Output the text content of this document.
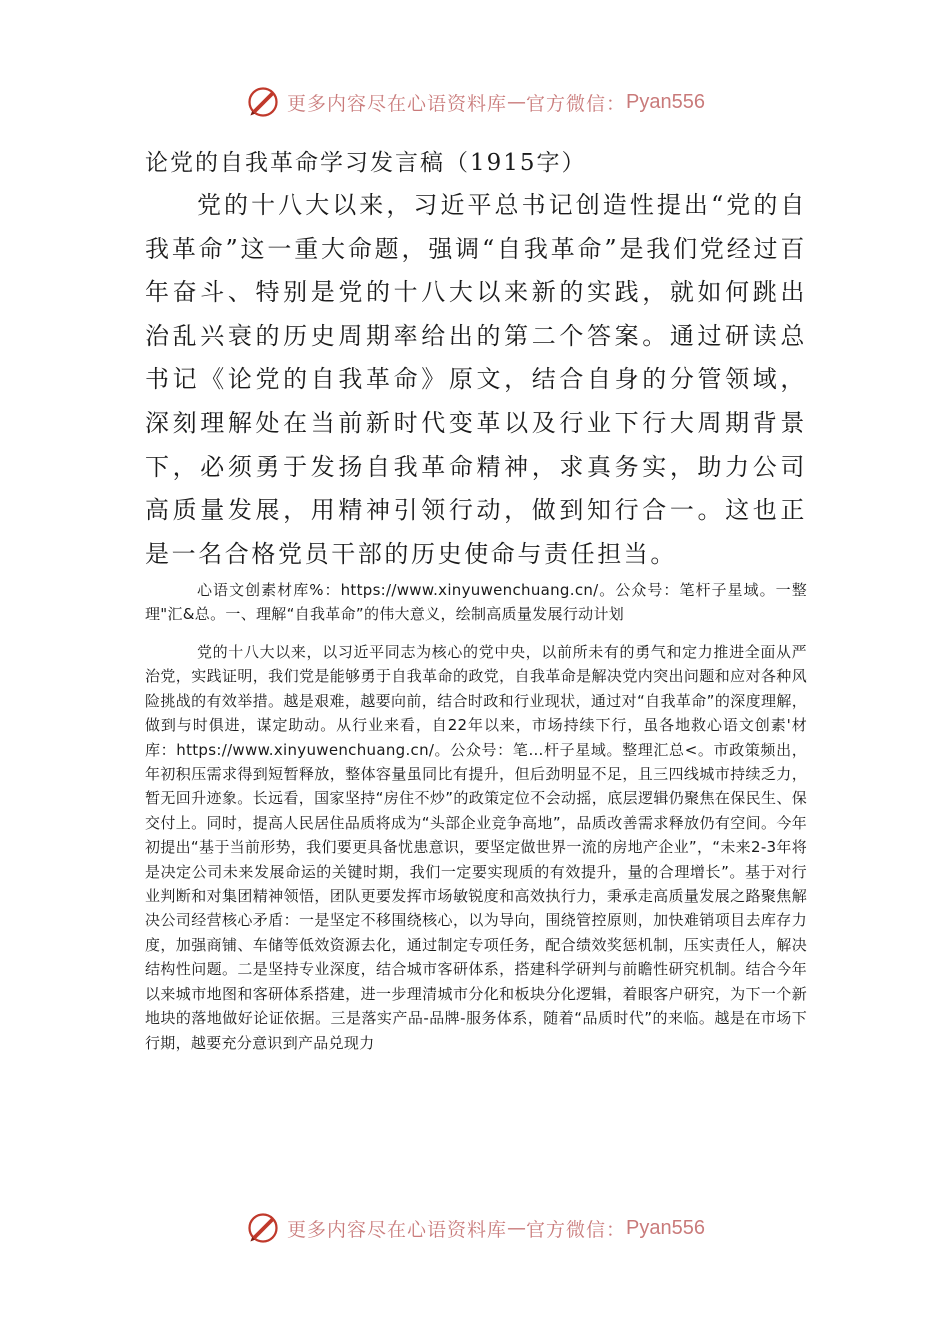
更多内容尽在心语资料库 — 官方微信： Pyan556
论党的自我革命学习发言稿（1915字）

党的十八大以来，习近平总书记创造性提出“党的自我革命”这一重大命题，强调“自我革命”是我们党经过百年奋斗、特别是党的十八大以来新的实践，就如何跳出治乱兴衰的历史周期率给出的第二个答案。通过研读总书记《论党的自我革命》原文，结合自身的分管领域，深刻理解处在当前新时代变革以及行业下行大周期背景下，必须勇于发扬自我革命精神，求真务实，助力公司高质量发展，用精神引领行动，做到知行合一。这也正是一名合格党员干部的历史使命与责任担当。

心语文创素材库%：https://www.xinyuwenchuang.cn/。公众号：笔杆子星域。一整理"汇&总。一、理解“自我革命”的伟大意义，绘制高质量发展行动计划

党的十八大以来，以习近平同志为核心的党中央，以前所未有的勇气和定力推进全面从严治党，实践证明，我们党是能够勇于自我革命的政党，自我革命是解决党内突出问题和应对各种风险挑战的有效举措。越是艰难，越要向前，结合时政和行业现状，通过对“自我革命”的深度理解，做到与时俱进，谋定助动。从行业来看，自22年以来，市场持续下行，虽各地救心语文创素'材库：https://www.xinyuwenchuang.cn/。公众号：笔…杆子星域。整理汇总<。市政策频出，年初积压需求得到短暂释放，整体容量虽同比有提升，但后劲明显不足，且三四线城市持续乏力，暂无回升迹象。长远看，国家坚持“房住不炒”的政策定位不会动摇，底层逻辑仍聚焦在保民生、保交付上。同时，提高人民居住品质将成为“头部企业竞争高地”，品质改善需求释放仍有空间。今年初提出“基于当前形势，我们要更具备忧患意识，要坚定做世界一流的房地产企业”，“未来2-3年将是决定公司未来发展命运的关键时期，我们一定要实现质的有效提升，量的合理增长”。基于对行业判断和对集团精神领悟，团队更要发挥市场敏锐度和高效执行力，秉承走高质量发展之路聚焦解决公司经营核心矛盾：一是坚定不移围绕核心，以为导向，围绕管控原则，加快难销项目去库存力度，加强商铺、车储等低效资源去化，通过制定专项任务，配合绩效奖惩机制，压实责任人，解决结构性问题。二是坚持专业深度，结合城市客研体系，搭建科学研判与前瞻性研究机制。结合今年以来城市地图和客研体系搭建，进一步理清城市分化和板块分化逻辑，着眼客户研究，为下一个新地块的落地做好论证依据。三是落实产品-品牌-服务体系，随着“品质时代”的来临。越是在市场下行期，越要充分意识到产品兑现力

更多内容尽在心语资料库 — 官方微信： Pyan556
